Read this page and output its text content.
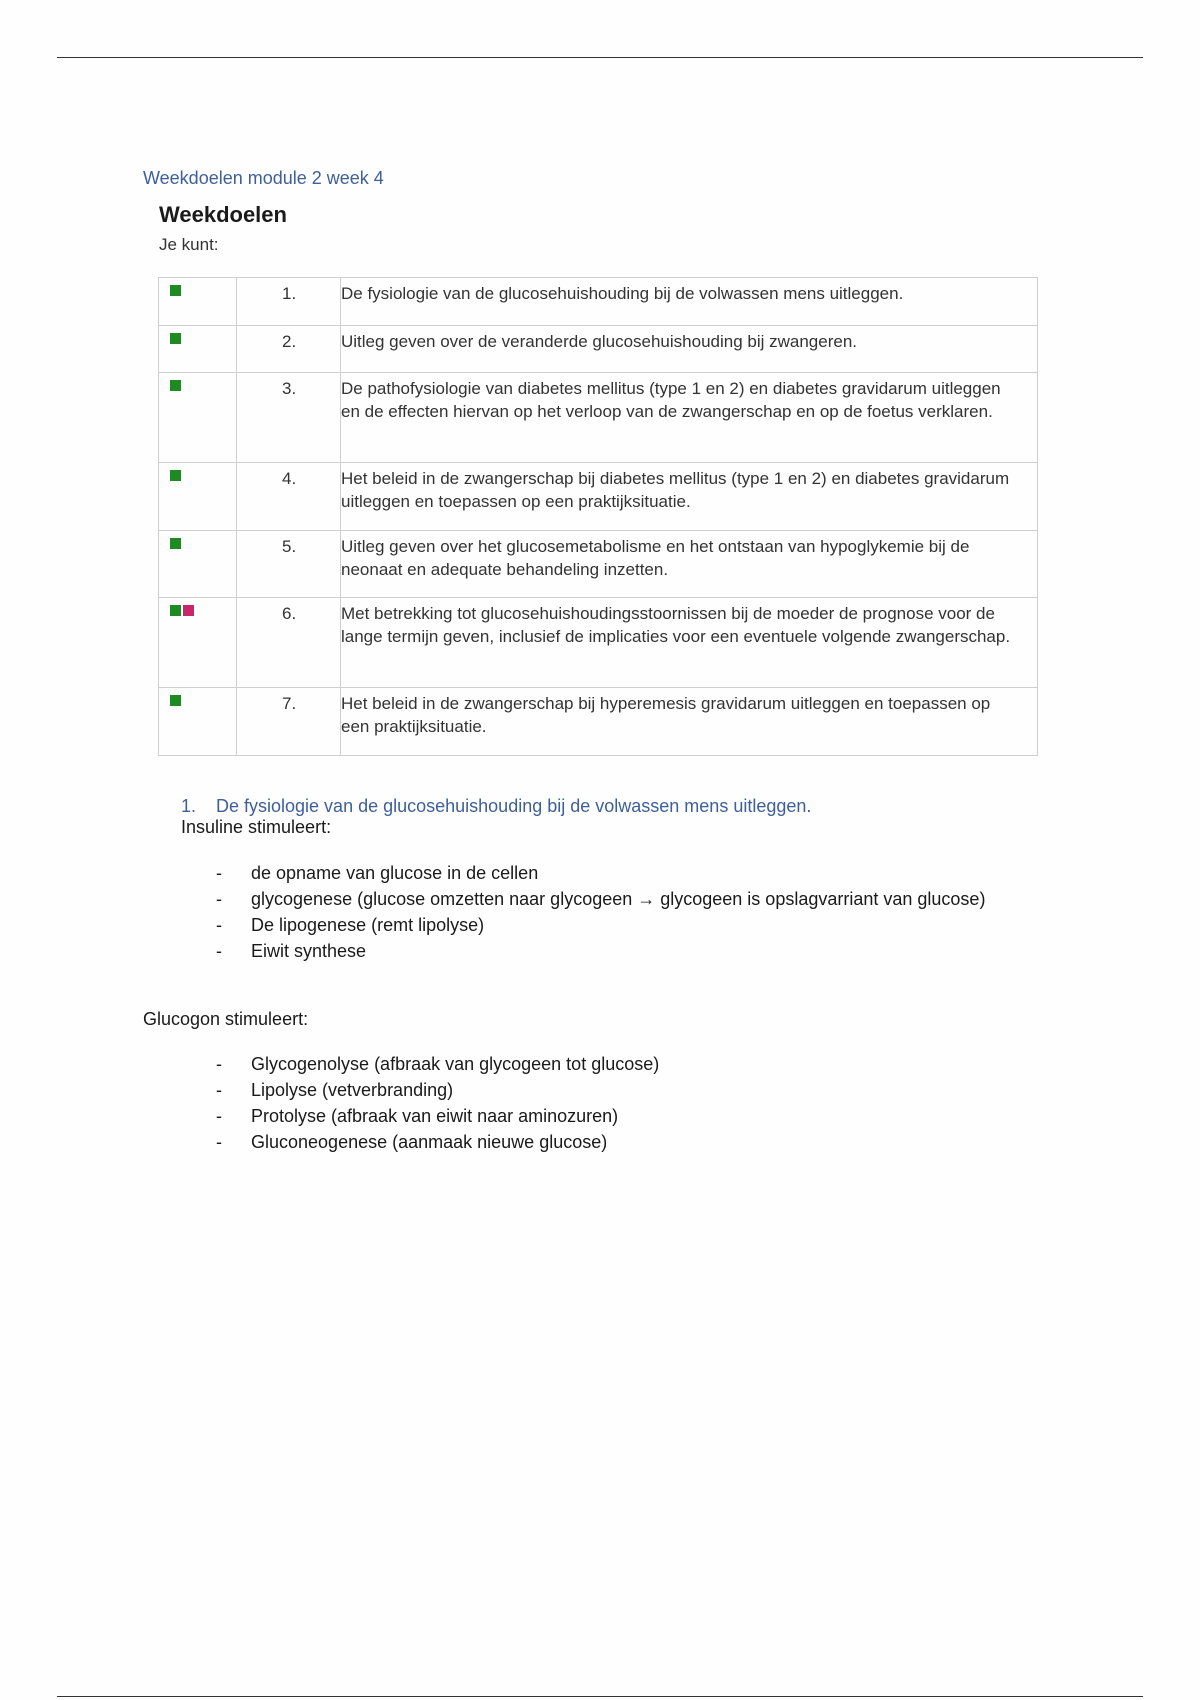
Weekdoelen module 2 week 4
Weekdoelen
Je kunt:
	1.	De fysiologie van de glucosehuishouding bij de volwassen mens uitleggen.
	2.	Uitleg geven over de veranderde glucosehuishouding bij zwangeren.
	3.	De pathofysiologie van diabetes mellitus (type 1 en 2) en diabetes gravidarum uitleggen en de effecten hiervan op het verloop van de zwangerschap en op de foetus verklaren.
	4.	Het beleid in de zwangerschap bij diabetes mellitus (type 1 en 2) en diabetes gravidarum uitleggen en toepassen op een praktijksituatie.
	5.	Uitleg geven over het glucosemetabolisme en het ontstaan van hypoglykemie bij de neonaat en adequate behandeling inzetten.
	6.	Met betrekking tot glucosehuishoudingsstoornissen bij de moeder de prognose voor de lange termijn geven, inclusief de implicaties voor een eventuele volgende zwangerschap.
	7.	Het beleid in de zwangerschap bij hyperemesis gravidarum uitleggen en toepassen op een praktijksituatie.
1. De fysiologie van de glucosehuishouding bij de volwassen mens uitleggen.
Insuline stimuleert:
- de opname van glucose in de cellen
- glycogenese (glucose omzetten naar glycogeen → glycogeen is opslagvarriant van glucose)
- De lipogenese (remt lipolyse)
- Eiwit synthese
Glucogon stimuleert:
- Glycogenolyse (afbraak van glycogeen tot glucose)
- Lipolyse (vetverbranding)
- Protolyse (afbraak van eiwit naar aminozuren)
- Gluconeogenese (aanmaak nieuwe glucose)
